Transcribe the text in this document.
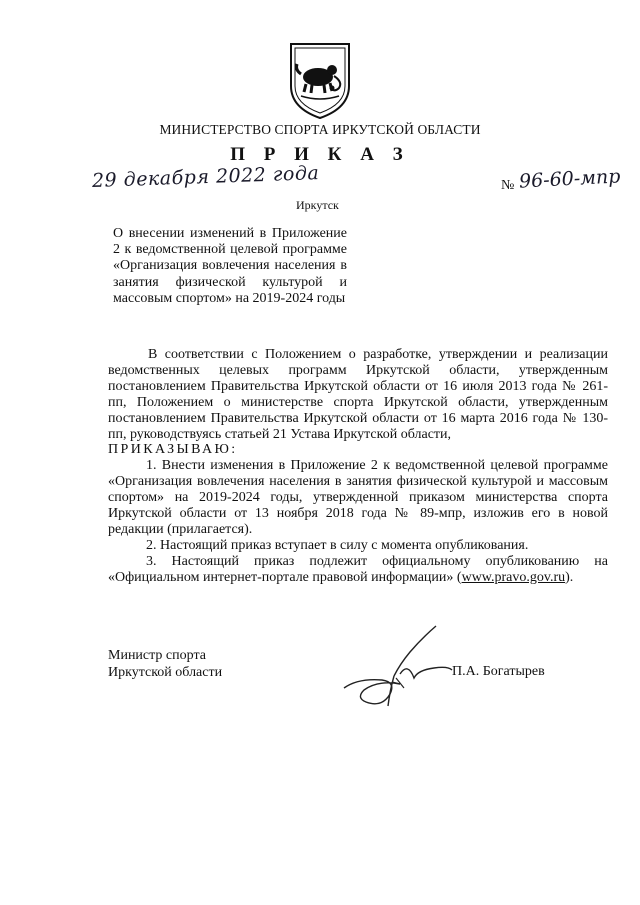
МИНИСТЕРСТВО СПОРТА ИРКУТСКОЙ ОБЛАСТИ
П Р И К А З
29 декабря 2022 года	№ 96-60-мпр
Иркутск
О внесении изменений в Приложение 2 к ведомственной целевой программе «Организация вовлечения населения в занятия физической культурой и массовым спортом» на 2019-2024 годы

В соответствии с Положением о разработке, утверждении и реализации ведомственных целевых программ Иркутской области, утвержденным постановлением Правительства Иркутской области от 16 июля 2013 года № 261-пп, Положением о министерстве спорта Иркутской области, утвержденным постановлением Правительства Иркутской области от 16 марта 2016 года № 130-пп, руководствуясь статьей 21 Устава Иркутской области,

ПРИКАЗЫВАЮ:

1. Внести изменения в Приложение 2 к ведомственной целевой программе «Организация вовлечения населения в занятия физической культурой и массовым спортом» на 2019-2024 годы, утвержденной приказом министерства спорта Иркутской области от 13 ноября 2018 года № 89-мпр, изложив его в новой редакции (прилагается).

2. Настоящий приказ вступает в силу с момента опубликования.

3. Настоящий приказ подлежит официальному опубликованию на «Официальном интернет-портале правовой информации» (www.pravo.gov.ru).

Министр спорта
Иркутской области	П.А. Богатырев
